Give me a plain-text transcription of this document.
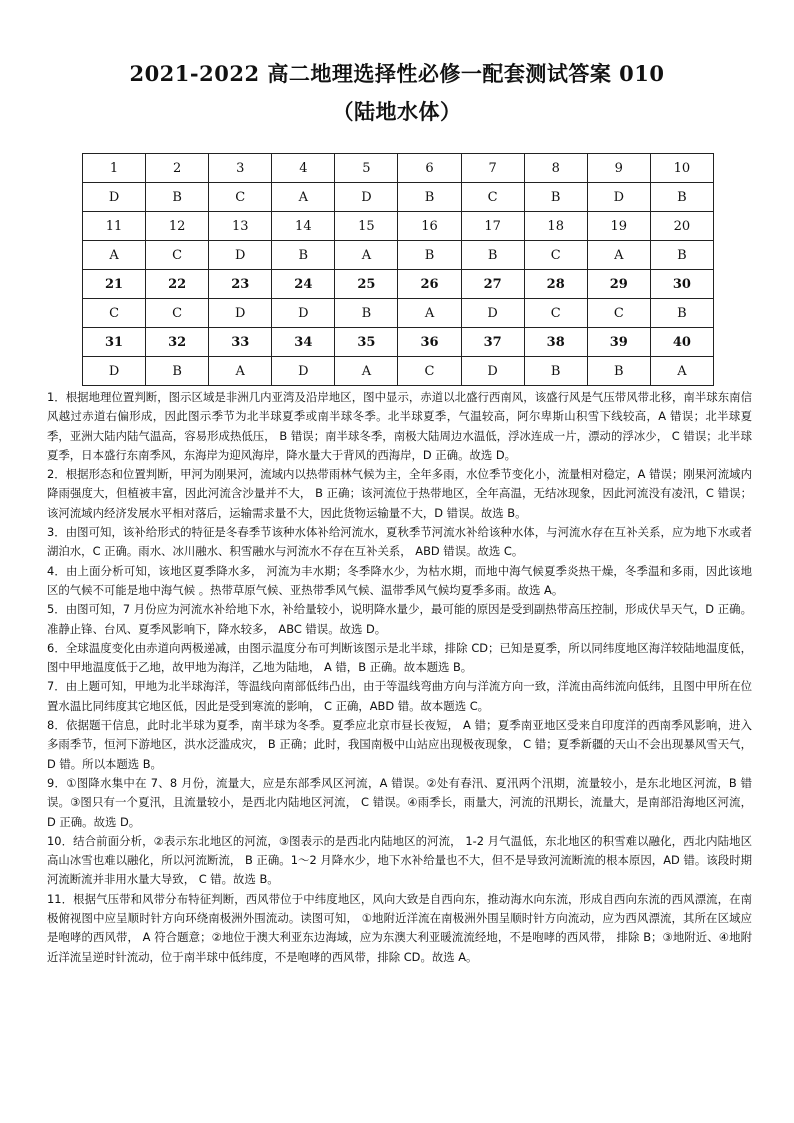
2021-2022 高二地理选择性必修一配套测试答案 010
（陆地水体）
1	2	3	4	5	6	7	8	9	10
D	B	C	A	D	B	C	B	D	B
11	12	13	14	15	16	17	18	19	20
A	C	D	B	A	B	B	C	A	B
21	22	23	24	25	26	27	28	29	30
C	C	D	D	B	A	D	C	C	B
31	32	33	34	35	36	37	38	39	40
D	B	A	D	A	C	D	B	B	A

1．根据地理位置判断，图示区域是非洲几内亚湾及沿岸地区，图中显示，赤道以北盛行西南风，该盛行风是气压带风带北移，南半球东南信风越过赤道右偏形成，因此图示季节为北半球夏季或南半球冬季。北半球夏季，气温较高，阿尔卑斯山积雪下线较高，A 错误；北半球夏季，亚洲大陆内陆气温高，容易形成热低压， B 错误；南半球冬季，南极大陆周边水温低，浮冰连成一片，漂动的浮冰少， C 错误；北半球夏季，日本盛行东南季风，东海岸为迎风海岸，降水量大于背风的西海岸，D 正确。故选 D。

2．根据形态和位置判断，甲河为刚果河，流域内以热带雨林气候为主，全年多雨，水位季节变化小，流量相对稳定，A 错误；刚果河流域内降雨强度大，但植被丰富，因此河流含沙量并不大， B 正确；该河流位于热带地区，全年高温，无结冰现象，因此河流没有凌汛，C 错误；该河流域内经济发展水平相对落后，运输需求量不大，因此货物运输量不大，D 错误。故选 B。

3．由图可知，该补给形式的特征是冬春季节该种水体补给河流水，夏秋季节河流水补给该种水体，与河流水存在互补关系，应为地下水或者湖泊水，C 正确。雨水、冰川融水、积雪融水与河流水不存在互补关系， ABD 错误。故选 C。

4．由上面分析可知，该地区夏季降水多， 河流为丰水期；冬季降水少，为枯水期，而地中海气候夏季炎热干燥，冬季温和多雨，因此该地区的气候不可能是地中海气候 。热带草原气候、亚热带季风气候、温带季风气候均夏季多雨。故选 A。

5．由图可知，7 月份应为河流水补给地下水，补给量较小，说明降水量少，最可能的原因是受到副热带高压控制，形成伏旱天气，D 正确。准静止锋、台风、夏季风影响下，降水较多， ABC 错误。故选 D。

6．全球温度变化由赤道向两极递减，由图示温度分布可判断该图示是北半球，排除 CD；已知是夏季，所以同纬度地区海洋较陆地温度低，图中甲地温度低于乙地，故甲地为海洋，乙地为陆地， A 错，B 正确。故本题选 B。

7．由上题可知，甲地为北半球海洋，等温线向南部低纬凸出，由于等温线弯曲方向与洋流方向一致，洋流由高纬流向低纬，且图中甲所在位置水温比同纬度其它地区低，因此是受到寒流的影响， C 正确，ABD 错。故本题选 C。

8．依据题干信息，此时北半球为夏季，南半球为冬季。夏季应北京市昼长夜短， A 错；夏季南亚地区受来自印度洋的西南季风影响，进入多雨季节，恒河下游地区，洪水泛滥成灾， B 正确；此时，我国南极中山站应出现极夜现象， C 错；夏季新疆的天山不会出现暴风雪天气， D 错。所以本题选 B。

9．①图降水集中在 7、8 月份，流量大，应是东部季风区河流，A 错误。②处有春汛、夏汛两个汛期，流量较小，是东北地区河流，B 错误。③图只有一个夏汛，且流量较小，是西北内陆地区河流， C 错误。④雨季长，雨量大，河流的汛期长，流量大，是南部沿海地区河流， D 正确。故选 D。

10．结合前面分析，②表示东北地区的河流，③图表示的是西北内陆地区的河流， 1-2 月气温低，东北地区的积雪难以融化，西北内陆地区高山冰雪也难以融化，所以河流断流， B 正确。1～2 月降水少，地下水补给量也不大，但不是导致河流断流的根本原因，AD 错。该段时期河流断流并非用水量大导致， C 错。故选 B。

11．根据气压带和风带分布特征判断，西风带位于中纬度地区，风向大致是自西向东，推动海水向东流，形成自西向东流的西风漂流，在南极俯视图中应呈顺时针方向环绕南极洲外围流动。读图可知， ①地附近洋流在南极洲外围呈顺时针方向流动，应为西风漂流，其所在区域应是咆哮的西风带， A 符合题意；②地位于澳大利亚东边海域，应为东澳大利亚暖流流经地，不是咆哮的西风带， 排除 B；③地附近、④地附近洋流呈逆时针流动，位于南半球中低纬度，不是咆哮的西风带，排除 CD。故选 A。
